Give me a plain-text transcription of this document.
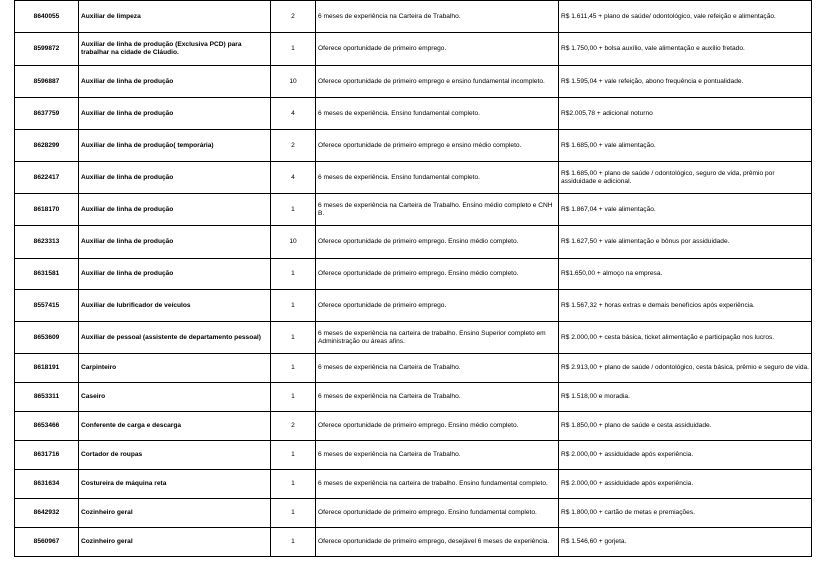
8640055	Auxiliar de limpeza	2	6 meses de experiência na Carteira de Trabalho.	R$ 1.611,45 + plano de saúde/ odontológico, vale refeição e alimentação.
8599872	Auxiliar de linha de produção (Exclusiva PCD) para trabalhar na cidade de Cláudio.	1	Oferece oportunidade de primeiro emprego.	R$ 1.750,00 + bolsa auxílio, vale alimentação e auxílio fretado.
8596887	Auxiliar de linha de produção	10	Oferece oportunidade de primeiro emprego e ensino fundamental incompleto.	R$ 1.595,04 + vale refeição, abono frequência e pontualidade.
8637759	Auxiliar de linha de produção	4	6 meses de experiência. Ensino fundamental completo.	R$2.005,78 + adicional noturno
8628299	Auxiliar de linha de produção( temporária)	2	Oferece oportunidade de primeiro emprego e ensino médio completo.	R$ 1.685,00 + vale alimentação.
8622417	Auxiliar de linha de produção	4	6 meses de experiência. Ensino fundamental completo.	R$ 1.685,00 + plano de saúde / odontológico, seguro de vida, prêmio por assiduidade e adicional.
8618170	Auxiliar de linha de produção	1	6 meses de experiência na Carteira de Trabalho. Ensino médio completo e CNH B.	R$ 1.867,04 + vale alimentação.
8623313	Auxiliar de linha de produção	10	Oferece oportunidade de primeiro emprego. Ensino médio completo.	R$ 1.627,50 + vale alimentação e bônus por assiduidade.
8631581	Auxiliar de linha de produção	1	Oferece oportunidade de primeiro emprego. Ensino médio completo.	R$1.650,00 + almoço na empresa.
8557415	Auxiliar de lubrificador de veículos	1	Oferece oportunidade de primeiro emprego.	R$ 1.567,32 + horas extras e demais benefícios após experiência.
8653609	Auxiliar de pessoal (assistente de departamento pessoal)	1	6 meses de experiência na carteira de trabalho. Ensino Superior completo em Administração ou áreas afins.	R$ 2.000,00 + cesta básica, ticket alimentação e participação nos lucros.
8618191	Carpinteiro	1	6 meses de experiência na Carteira de Trabalho.	R$ 2.913,00 + plano de saúde / odontológico, cesta básica, prêmio e seguro de vida.
8653311	Caseiro	1	6 meses de experiência na Carteira de Trabalho.	R$ 1.518,00 e moradia.
8653466	Conferente de carga e descarga	2	Oferece oportunidade de primeiro emprego. Ensino médio completo.	R$ 1.850,00 + plano de saúde e cesta assiduidade.
8631716	Cortador de roupas	1	6 meses de experiência na Carteira de Trabalho.	R$ 2.000,00 + assiduidade após experiência.
8631634	Costureira de máquina reta	1	6 meses de experiência na carteira de trabalho. Ensino fundamental completo.	R$ 2.000,00 + assiduidade após experiência.
8642932	Cozinheiro geral	1	Oferece oportunidade de primeiro emprego. Ensino fundamental completo.	R$ 1.800,00 + cartão de metas e premiações.
8560967	Cozinheiro geral	1	Oferece oportunidade de primeiro emprego, desejável 6 meses de experiência.	R$ 1.546,60 + gorjeta.
